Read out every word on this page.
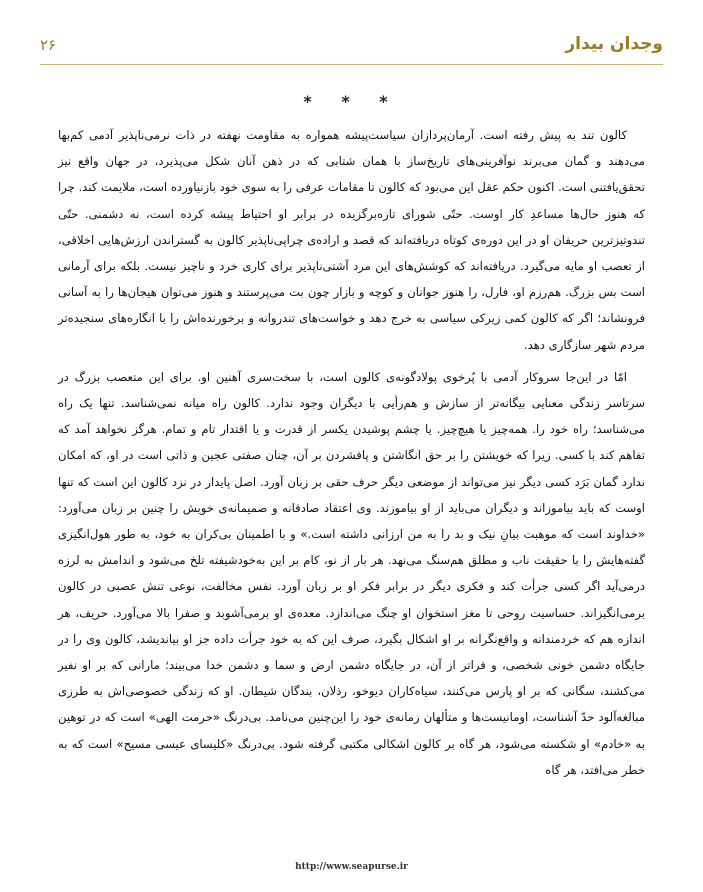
وجدان بیدار
۲۶
* * *

کالون تند به پیش رفته است. آرمان‌پردازان سیاست‌پیشه همواره به مقاومت نهفته در ذات نرمی‌ناپذیر آدمی کم‌بها می‌دهند و گمان می‌برند نوآفرینی‌های تاریخ‌ساز با همان شتابی که در ذهن آنان شکل می‌پذیرد، در جهان واقع نیز تحقق‌یافتنی است. اکنون حکم عقل این می‌بود که کالون تا مقامات عرفی را به سوی خود بازنیاورده است، ملایمت کند. چرا که هنوز حال‌ها مساعدِ کار اوست. حتّی شورای تازه‌برگزیده در برابر او احتیاط پیشه کرده است، نه دشمنی. حتّی تندوتیزترین حریفان او در این دوره‌ی کوتاه دریافته‌اند که قصد و اراده‌ی چراپی‌ناپذیر کالون به گستراندن ارزش‌هایی اخلاقی، از تعصب او مایه می‌گیرد. دریافته‌اند که کوشش‌های این مرد آشتی‌ناپذیر برای کاری خرد و ناچیز نیست. بلکه برای آرمانی است بس بزرگ. هم‌رزم او، فارل، را هنوز جوانان و کوچه و بازار چون بت می‌پرستند و هنوز می‌توان هیجان‌ها را به آسانی فرونشاند؛ اگر که کالون کمی زیرکی سیاسی به خرج دهد و خواست‌های تندروانه و برخورنده‌اش را با انگاره‌های سنجیده‌تر مردم شهر سازگاری دهد.

امّا در این‌جا سروکار آدمی با پُرخوی پولادگونه‌ی کالون است، با سخت‌سری آهنین او. برای این متعصب بزرگ در سرتاسر زندگی معنایی بیگانه‌تر از سازش و هم‌رأیی با دیگران وجود ندارد. کالون راه میانه نمی‌شناسد. تنها یک راه می‌شناسد؛ راه خود را. همه‌چیز یا هیچ‌چیز. یا چشم پوشیدن یکسر از قدرت و یا اقتدار تام و تمام. هرگز نخواهد آمد که تفاهم کند با کسی. زیرا که خویشتن را بر حق انگاشتن و پافشردن بر آن، چنان صفتی عجین و ذاتی است در او، که امکان ندارد گمان بَرَد کسی دیگر نیز می‌تواند از موضعی دیگر حرف حقی بر زبان آورد. اصل پایدار در نزد کالون این است که تنها اوست که باید بیاموزاند و دیگران می‌باید از او بیاموزند. وی اعتقاد صادقانه و صمیمانه‌ی خویش را چنین بر زبان می‌آورد: «خداوند است که موهبت بیانِ نیک و بد را به من ارزانی داشته است.» و با اطمینان بی‌کران به خود، به طور هول‌انگیزی گفته‌هایش را با حقیقت ناب و مطلق هم‌سنگ می‌نهد. هر بار از نو، کام بر این به‌خودشیفته تلخ می‌شود و اندامش به لرزه درمی‌آید اگر کسی جرأت کند و فکری دیگر در برابر فکر او بر زبان آورد. نفس مخالفت، نوعی تنش عصبی در کالون برمی‌انگیزاند. حساسیت روحی تا مغز استخوان او چنگ می‌اندازد. معده‌ی او برمی‌آشوبد و صفرا بالا می‌آورد. حریف، هر اندازه هم که خردمندانه و واقع‌نگرانه بر او اشکال بگیرد، صرف این که به خود جرأت داده جز او بیاندیشد، کالون وی را در جایگاه دشمن خونی شخصی، و فراتر از آن، در جایگاه دشمن ارض و سما و دشمن خدا می‌بیند؛ مارانی که بر او نفیر می‌کشند، سگانی که بر او پارس می‌کنند، سیاه‌کاران دیوخو، رذلان، بندگان شیطان. او که زندگی خصوصی‌اش به طرزی مبالغه‌آلود حدّ آشناست، اومانیست‌ها و متألهان زمانه‌ی خود را این‌چنین می‌نامد. بی‌درنگ «حرمت الهی» است که در توهین به «خادم» او شکسته می‌شود، هر گاه بر کالون اشکالی مکتبی گرفته شود. بی‌درنگ «کلیسای عیسی مسیح» است که به خطر می‌افتد، هر گاه

http://www.seapurse.ir
